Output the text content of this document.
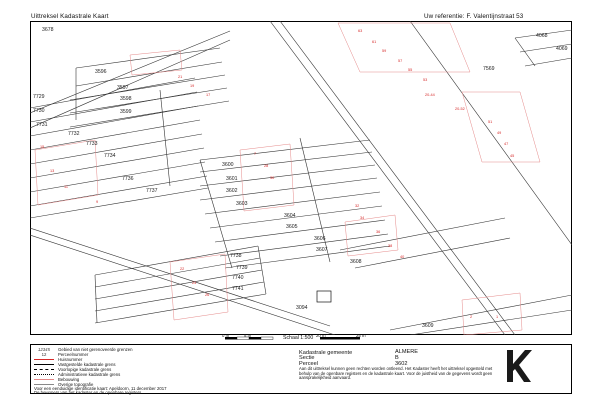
Uittreksel Kadastrale Kaart	Uw referentie: F. Valentijnstraat 53
3678
3596
3597
3598
3599
7729
7730
7731
7732
7733
7734
7736
7737
3600
3601
3602
3603
3604
3605
3606
3607
3608
7738
7739
7740
7741
3094
4068
4069
7569
3609
63
61
59
57
55
53
51
49
47
45
21
19
17
15
13
11
9
7
28
30
32
34
36
38
40
22
24
26
20-44
20-52
2	1
Schaal 1:500
0 m	5 m	20 m	25 m
12345	Gebied van niet gerenoveerde grenzen
12	Perceelnummer
Huisnummer
Vastgestelde kadastrale grens
Voorlopige kadastrale grens
Administratieve kadastrale grens
Bebouwing
Overige topografie
Voor een eenduidige identificatie kaart: Apeldoorn, 11 december 2017
De bewoners van het kadaster en de openbare registers
Kadastrale gemeente	ALMERE
Sectie	B
Perceel	3602
Aan dit uittreksel kunnen geen rechten worden ontleend. Het Kadaster heeft het uittreksel opgesteld met behulp van de openbare registers en de kadastrale kaart. Voor de juistheid van de gegevens wordt geen aansprakelijkheid aanvaard.
